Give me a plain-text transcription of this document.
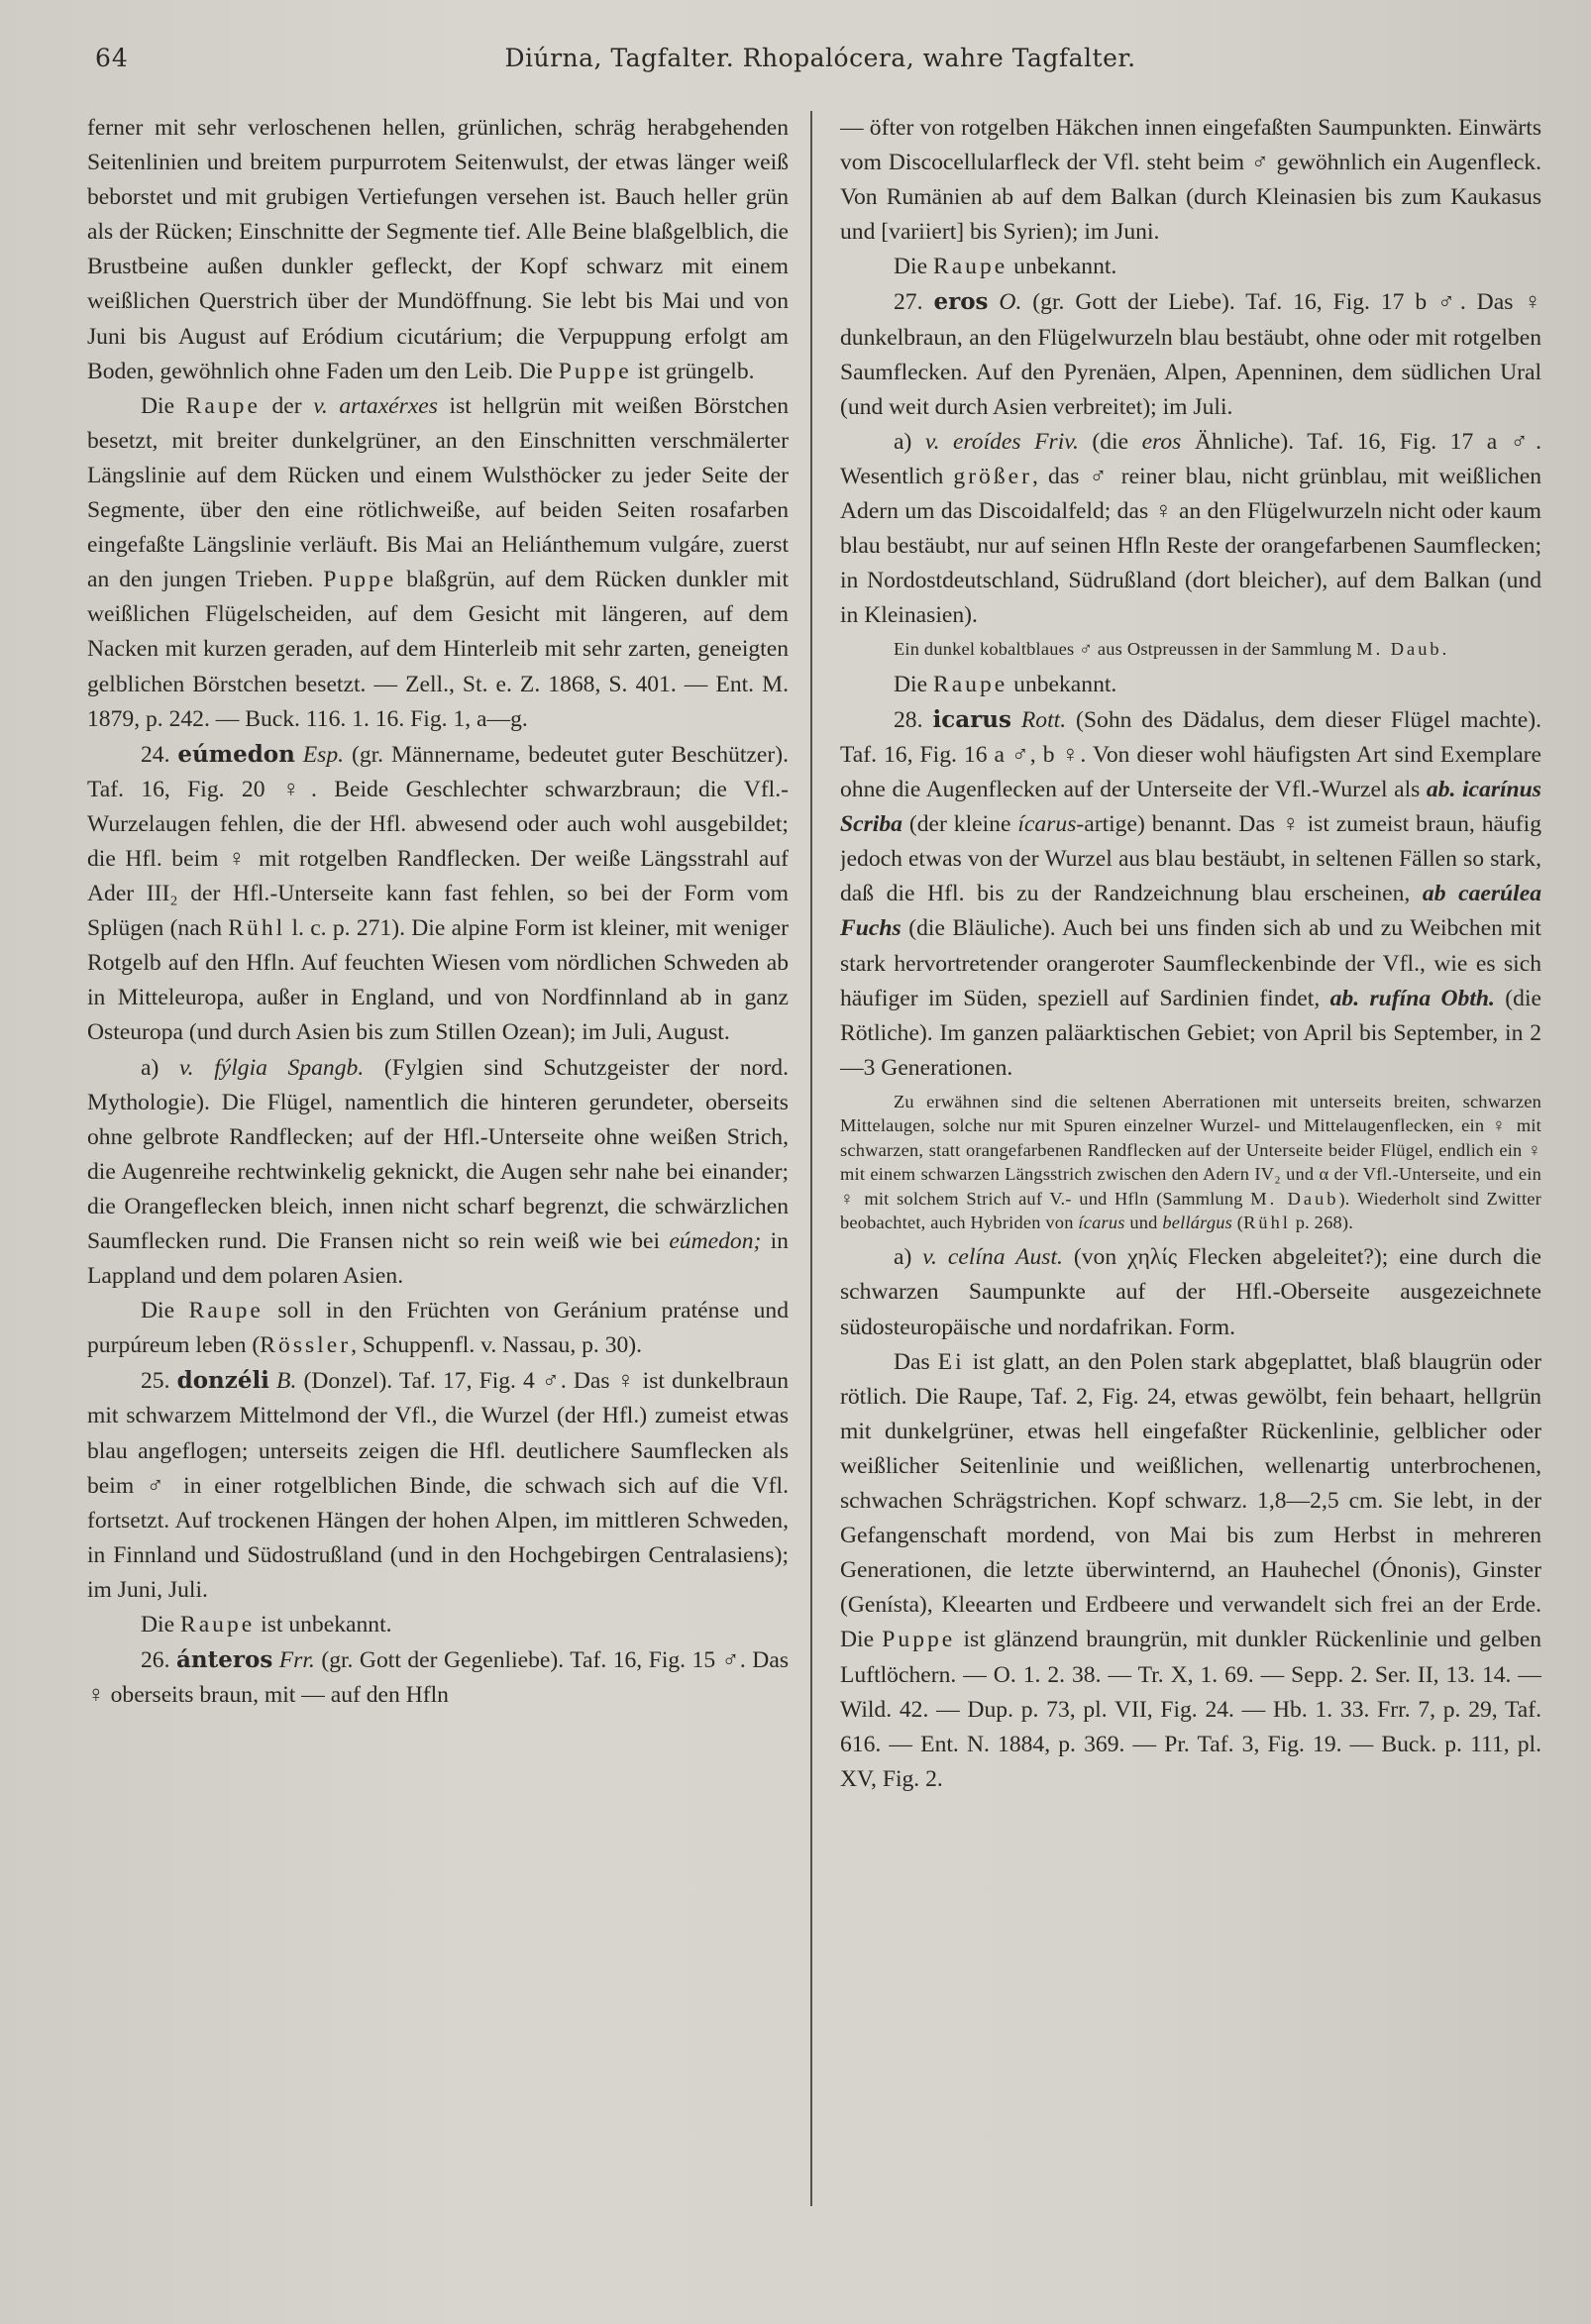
64	Diúrna, Tagfalter. Rhopalócera, wahre Tagfalter.

ferner mit sehr verloschenen hellen, grünlichen, schräg herabgehenden Seitenlinien und breitem purpurrotem Seitenwulst, der etwas länger weiß beborstet und mit grubigen Vertiefungen versehen ist. Bauch heller grün als der Rücken; Einschnitte der Segmente tief. Alle Beine blaßgelblich, die Brustbeine außen dunkler gefleckt, der Kopf schwarz mit einem weißlichen Querstrich über der Mundöffnung. Sie lebt bis Mai und von Juni bis August auf Eródium cicutárium; die Verpuppung erfolgt am Boden, gewöhnlich ohne Faden um den Leib. Die Puppe ist grüngelb.

Die Raupe der v. artaxérxes ist hellgrün mit weißen Börstchen besetzt, mit breiter dunkelgrüner, an den Einschnitten verschmälerter Längslinie auf dem Rücken und einem Wulsthöcker zu jeder Seite der Segmente, über den eine rötlichweiße, auf beiden Seiten rosafarben eingefaßte Längslinie verläuft. Bis Mai an Heliánthemum vulgáre, zuerst an den jungen Trieben. Puppe blaßgrün, auf dem Rücken dunkler mit weißlichen Flügelscheiden, auf dem Gesicht mit längeren, auf dem Nacken mit kurzen geraden, auf dem Hinterleib mit sehr zarten, geneigten gelblichen Börstchen besetzt. — Zell., St. e. Z. 1868, S. 401. — Ent. M. 1879, p. 242. — Buck. 116. 1. 16. Fig. 1, a—g.

24. eúmedon Esp. (gr. Männername, bedeutet guter Beschützer). Taf. 16, Fig. 20 ♀. Beide Geschlechter schwarzbraun; die Vfl.-Wurzelaugen fehlen, die der Hfl. abwesend oder auch wohl ausgebildet; die Hfl. beim ♀ mit rotgelben Randflecken. Der weiße Längsstrahl auf Ader III₂ der Hfl.-Unterseite kann fast fehlen, so bei der Form vom Splügen (nach Rühl l. c. p. 271). Die alpine Form ist kleiner, mit weniger Rotgelb auf den Hfln. Auf feuchten Wiesen vom nördlichen Schweden ab in Mitteleuropa, außer in England, und von Nordfinnland ab in ganz Osteuropa (und durch Asien bis zum Stillen Ozean); im Juli, August.

a) v. fýlgia Spangb. (Fylgien sind Schutzgeister der nord. Mythologie). Die Flügel, namentlich die hinteren gerundeter, oberseits ohne gelbrote Randflecken; auf der Hfl.-Unterseite ohne weißen Strich, die Augenreihe rechtwinkelig geknickt, die Augen sehr nahe bei einander; die Orangeflecken bleich, innen nicht scharf begrenzt, die schwärzlichen Saumflecken rund. Die Fransen nicht so rein weiß wie bei eúmedon; in Lappland und dem polaren Asien.

Die Raupe soll in den Früchten von Geránium praténse und purpúreum leben (Rössler, Schuppenfl. v. Nassau, p. 30).

25. donzéli B. (Donzel). Taf. 17, Fig. 4 ♂. Das ♀ ist dunkelbraun mit schwarzem Mittelmond der Vfl., die Wurzel (der Hfl.) zumeist etwas blau angeflogen; unterseits zeigen die Hfl. deutlichere Saumflecken als beim ♂ in einer rotgelblichen Binde, die schwach sich auf die Vfl. fortsetzt. Auf trockenen Hängen der hohen Alpen, im mittleren Schweden, in Finnland und Südostrußland (und in den Hochgebirgen Centralasiens); im Juni, Juli.

Die Raupe ist unbekannt.

26. ánteros Frr. (gr. Gott der Gegenliebe). Taf. 16, Fig. 15 ♂. Das ♀ oberseits braun, mit — auf den Hfln

— öfter von rotgelben Häkchen innen eingefaßten Saumpunkten. Einwärts vom Discocellularfleck der Vfl. steht beim ♂ gewöhnlich ein Augenfleck. Von Rumänien ab auf dem Balkan (durch Kleinasien bis zum Kaukasus und [variiert] bis Syrien); im Juni.

Die Raupe unbekannt.

27. eros O. (gr. Gott der Liebe). Taf. 16, Fig. 17 b ♂. Das ♀ dunkelbraun, an den Flügelwurzeln blau bestäubt, ohne oder mit rotgelben Saumflecken. Auf den Pyrenäen, Alpen, Apenninen, dem südlichen Ural (und weit durch Asien verbreitet); im Juli.

a) v. eroídes Friv. (die eros Ähnliche). Taf. 16, Fig. 17 a ♂. Wesentlich größer, das ♂ reiner blau, nicht grünblau, mit weißlichen Adern um das Discoidalfeld; das ♀ an den Flügelwurzeln nicht oder kaum blau bestäubt, nur auf seinen Hfln Reste der orangefarbenen Saumflecken; in Nordostdeutschland, Südrußland (dort bleicher), auf dem Balkan (und in Kleinasien).

Ein dunkel kobaltblaues ♂ aus Ostpreussen in der Sammlung M. Daub.

Die Raupe unbekannt.

28. icarus Rott. (Sohn des Dädalus, dem dieser Flügel machte). Taf. 16, Fig. 16 a ♂, b ♀. Von dieser wohl häufigsten Art sind Exemplare ohne die Augenflecken auf der Unterseite der Vfl.-Wurzel als ab. icarínus Scriba (der kleine ícarus-artige) benannt. Das ♀ ist zumeist braun, häufig jedoch etwas von der Wurzel aus blau bestäubt, in seltenen Fällen so stark, daß die Hfl. bis zu der Randzeichnung blau erscheinen, ab caerúlea Fuchs (die Bläuliche). Auch bei uns finden sich ab und zu Weibchen mit stark hervortretender orangeroter Saumfleckenbinde der Vfl., wie es sich häufiger im Süden, speziell auf Sardinien findet, ab. rufína Obth. (die Rötliche). Im ganzen paläarktischen Gebiet; von April bis September, in 2—3 Generationen.

Zu erwähnen sind die seltenen Aberrationen mit unterseits breiten, schwarzen Mittelaugen, solche nur mit Spuren einzelner Wurzel- und Mittelaugenflecken, ein ♀ mit schwarzen, statt orangefarbenen Randflecken auf der Unterseite beider Flügel, endlich ein ♀ mit einem schwarzen Längsstrich zwischen den Adern IV₂ und α der Vfl.-Unterseite, und ein ♀ mit solchem Strich auf V.- und Hfln (Sammlung M. Daub). Wiederholt sind Zwitter beobachtet, auch Hybriden von ícarus und bellárgus (Rühl p. 268).

a) v. celína Aust. (von χηλίς Flecken abgeleitet?); eine durch die schwarzen Saumpunkte auf der Hfl.-Oberseite ausgezeichnete südosteuropäische und nordafrikan. Form.

Das Ei ist glatt, an den Polen stark abgeplattet, blaß blaugrün oder rötlich. Die Raupe, Taf. 2, Fig. 24, etwas gewölbt, fein behaart, hellgrün mit dunkelgrüner, etwas hell eingefaßter Rückenlinie, gelblicher oder weißlicher Seitenlinie und weißlichen, wellenartig unterbrochenen, schwachen Schrägstrichen. Kopf schwarz. 1,8—2,5 cm. Sie lebt, in der Gefangenschaft mordend, von Mai bis zum Herbst in mehreren Generationen, die letzte überwinternd, an Hauhechel (Ónonis), Ginster (Genísta), Kleearten und Erdbeere und verwandelt sich frei an der Erde. Die Puppe ist glänzend braungrün, mit dunkler Rückenlinie und gelben Luftlöchern. — O. 1. 2. 38. — Tr. X, 1. 69. — Sepp. 2. Ser. II, 13. 14. — Wild. 42. — Dup. p. 73, pl. VII, Fig. 24. — Hb. 1. 33. Frr. 7, p. 29, Taf. 616. — Ent. N. 1884, p. 369. — Pr. Taf. 3, Fig. 19. — Buck. p. 111, pl. XV, Fig. 2.
